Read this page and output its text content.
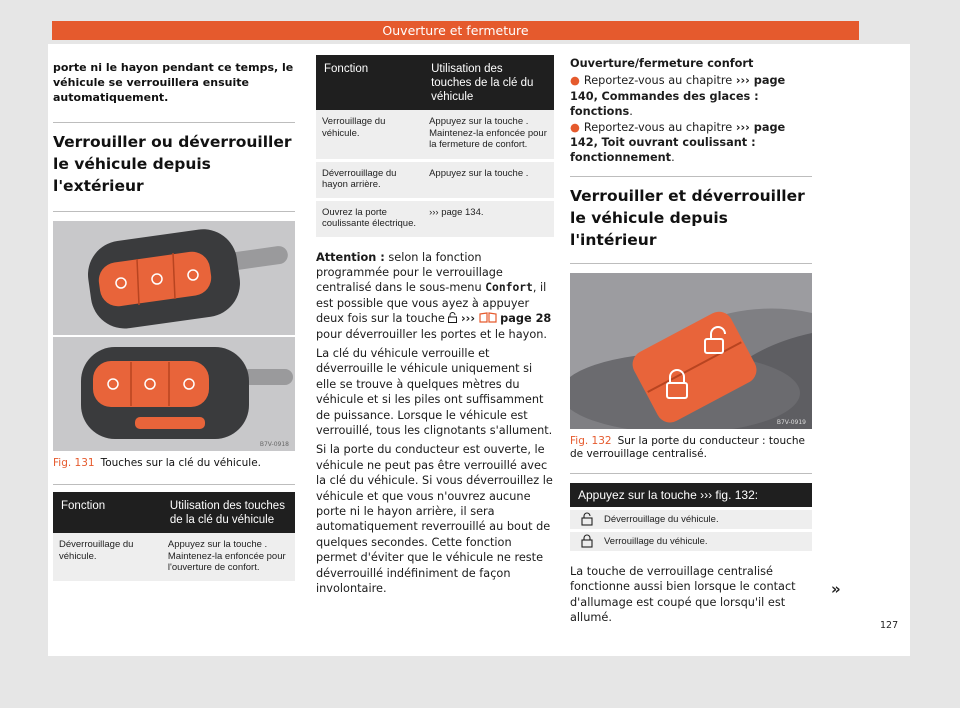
Ouverture et fermeture
porte ni le hayon pendant ce temps, le véhicule se verrouillera ensuite automatiquement.
Verrouiller ou déverrouiller le véhicule depuis l'extérieur
B7V-0918
Fig. 131 Touches sur la clé du véhicule.
Fonction	Utilisation des touches de la clé du véhicule
Déverrouillage du véhicule.	Appuyez sur la touche . Maintenez-la enfoncée pour l'ouverture de confort.
Fonction	Utilisation des touches de la clé du véhicule
Verrouillage du véhicule.	Appuyez sur la touche . Maintenez-la enfoncée pour la fermeture de confort.
Déverrouillage du hayon arrière.	Appuyez sur la touche .
Ouvrez la porte coulissante électrique.	››› page 134.
Attention : selon la fonction programmée pour le verrouillage centralisé dans le sous-menu Confort, il est possible que vous ayez à appuyer deux fois sur la touche ››› page 28 pour déverrouiller les portes et le hayon.
La clé du véhicule verrouille et déverrouille le véhicule uniquement si elle se trouve à quelques mètres du véhicule et si les piles ont suffisamment de puissance. Lorsque le véhicule est verrouillé, tous les clignotants s'allument.
Si la porte du conducteur est ouverte, le véhicule ne peut pas être verrouillé avec la clé du véhicule. Si vous déverrouillez le véhicule et que vous n'ouvrez aucune porte ni le hayon arrière, il sera automatiquement reverrouillé au bout de quelques secondes. Cette fonction permet d'éviter que le véhicule ne reste déverrouillé indéfiniment de façon involontaire.
Ouverture/fermeture confort
● Reportez-vous au chapitre ››› page 140, Commandes des glaces : fonctions.
● Reportez-vous au chapitre ››› page 142, Toit ouvrant coulissant : fonctionnement.
Verrouiller et déverrouiller le véhicule depuis l'intérieur
B7V-0919
Fig. 132 Sur la porte du conducteur : touche de verrouillage centralisé.
Appuyez sur la touche ››› fig. 132:
Déverrouillage du véhicule.
Verrouillage du véhicule.
La touche de verrouillage centralisé fonctionne aussi bien lorsque le contact d'allumage est coupé que lorsqu'il est allumé.
»
127
